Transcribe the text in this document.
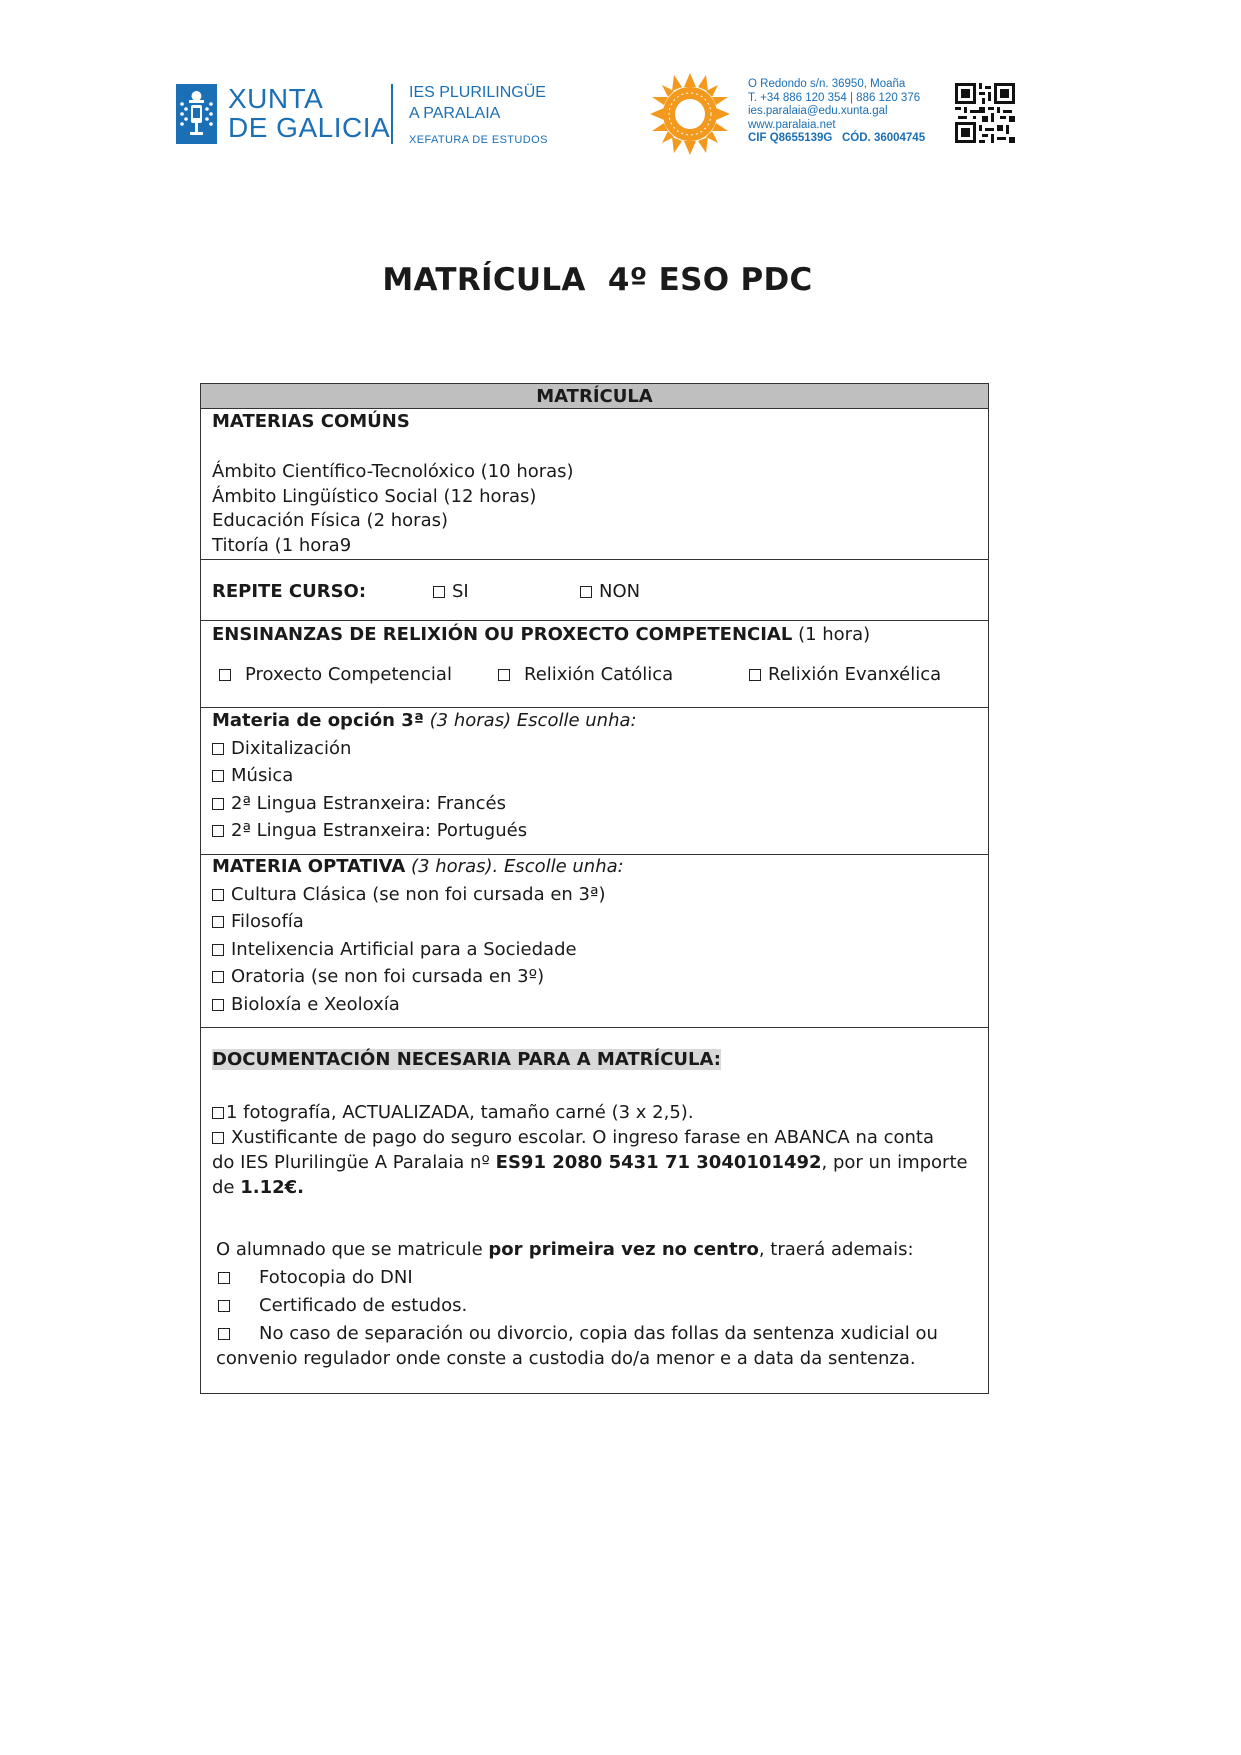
XUNTA
DE GALICIA
IES PLURILINGÜE
A PARALAIA
XEFATURA DE ESTUDOS
O Redondo s/n. 36950, Moaña
T. +34 886 120 354 | 886 120 376
ies.paralaia@edu.xunta.gal
www.paralaia.net
CIF Q8655139G CÓD. 36004745
MATRÍCULA  4º ESO PDC
MATRÍCULA
MATERIAS COMÚNS
Ámbito Científico-Tecnolóxico (10 horas)
Ámbito Lingüístico Social (12 horas)
Educación Física (2 horas)
Titoría (1 hora9
REPITE CURSO:	SI	NON
ENSINANZAS DE RELIXIÓN OU PROXECTO COMPETENCIAL (1 hora)
Proxecto Competencial	Relixión Católica	Relixión Evanxélica
Materia de opción 3ª (3 horas) Escolle unha:
Dixitalización
Música
2ª Lingua Estranxeira: Francés
2ª Lingua Estranxeira: Portugués
MATERIA OPTATIVA (3 horas). Escolle unha:
Cultura Clásica (se non foi cursada en 3ª)
Filosofía
Intelixencia Artificial para a Sociedade
Oratoria (se non foi cursada en 3º)
Bioloxía e Xeoloxía
DOCUMENTACIÓN NECESARIA PARA A MATRÍCULA:
1 fotografía, ACTUALIZADA, tamaño carné (3 x 2,5).
Xustificante de pago do seguro escolar. O ingreso farase en ABANCA na conta
do IES Plurilingüe A Paralaia nº ES91 2080 5431 71 3040101492, por un importe
de 1.12€.
O alumnado que se matricule por primeira vez no centro, traerá ademais:
Fotocopia do DNI
Certificado de estudos.
No caso de separación ou divorcio, copia das follas da sentenza xudicial ou
convenio regulador onde conste a custodia do/a menor e a data da sentenza.
